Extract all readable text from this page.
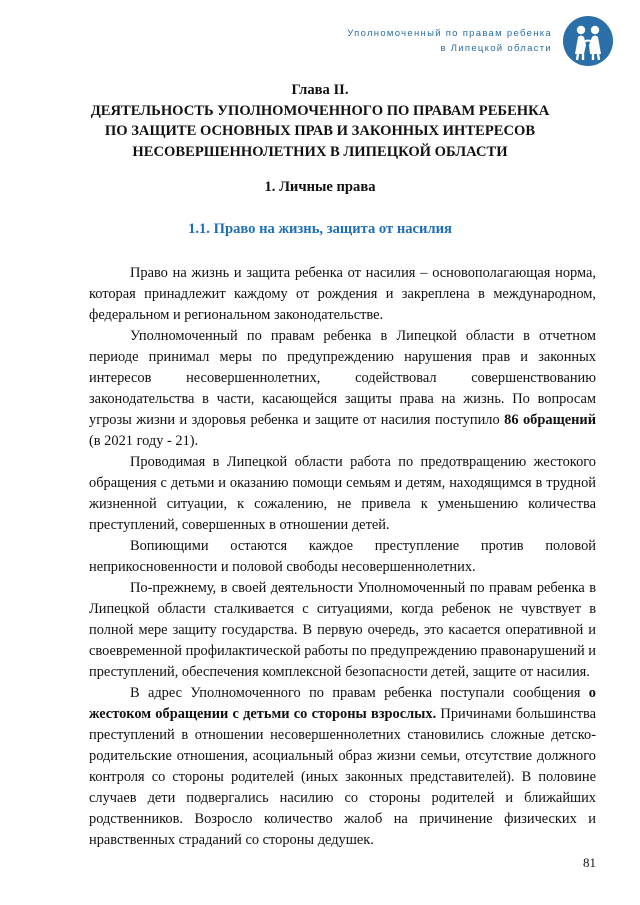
Уполномоченный по правам ребенка
в Липецкой области
Глава II.
ДЕЯТЕЛЬНОСТЬ УПОЛНОМОЧЕННОГО ПО ПРАВАМ РЕБЕНКА
ПО ЗАЩИТЕ ОСНОВНЫХ ПРАВ И ЗАКОННЫХ ИНТЕРЕСОВ
НЕСОВЕРШЕННОЛЕТНИХ В ЛИПЕЦКОЙ ОБЛАСТИ
1. Личные права
1.1. Право на жизнь, защита от насилия

Право на жизнь и защита ребенка от насилия – основополагающая норма, которая принадлежит каждому от рождения и закреплена в международном, федеральном и региональном законодательстве.

Уполномоченный по правам ребенка в Липецкой области в отчетном периоде принимал меры по предупреждению нарушения прав и законных интересов несовершеннолетних, содействовал совершенствованию законодательства в части, касающейся защиты права на жизнь. По вопросам угрозы жизни и здоровья ребенка и защите от насилия поступило 86 обращений (в 2021 году - 21).

Проводимая в Липецкой области работа по предотвращению жестокого обращения с детьми и оказанию помощи семьям и детям, находящимся в трудной жизненной ситуации, к сожалению, не привела к уменьшению количества преступлений, совершенных в отношении детей.

Вопиющими остаются каждое преступление против половой неприкосновенности и половой свободы несовершеннолетних.

По-прежнему, в своей деятельности Уполномоченный по правам ребенка в Липецкой области сталкивается с ситуациями, когда ребенок не чувствует в полной мере защиту государства. В первую очередь, это касается оперативной и своевременной профилактической работы по предупреждению правонарушений и преступлений, обеспечения комплексной безопасности детей, защите от насилия.

В адрес Уполномоченного по правам ребенка поступали сообщения о жестоком обращении с детьми со стороны взрослых. Причинами большинства преступлений в отношении несовершеннолетних становились сложные детско-родительские отношения, асоциальный образ жизни семьи, отсутствие должного контроля со стороны родителей (иных законных представителей). В половине случаев дети подвергались насилию со стороны родителей и ближайших родственников. Возросло количество жалоб на причинение физических и нравственных страданий со стороны дедушек.

81
